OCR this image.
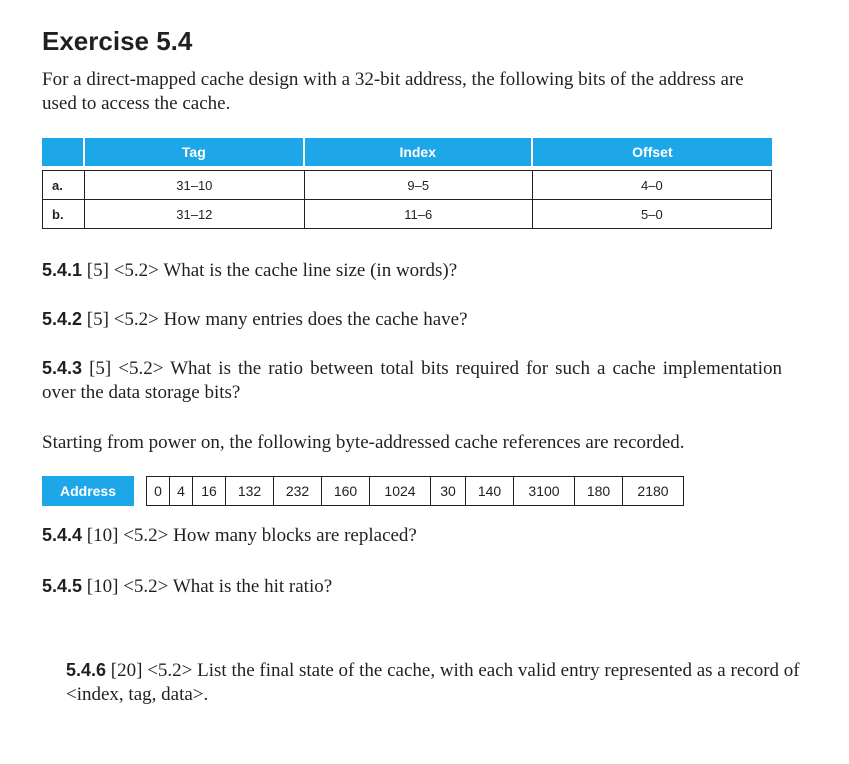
Exercise 5.4
For a direct-mapped cache design with a 32-bit address, the following bits of the address are used to access the cache.
	Tag	Index	Offset

a.	31–10	9–5	4–0
b.	31–12	11–6	5–0
5.4.1 [5] <5.2> What is the cache line size (in words)?
5.4.2 [5] <5.2> How many entries does the cache have?
5.4.3 [5] <5.2> What is the ratio between total bits required for such a cache implementation over the data storage bits?
Starting from power on, the following byte-addressed cache references are recorded.
Address	0	4	16	132	232	160	1024	30	140	3100	180	2180
5.4.4 [10] <5.2> How many blocks are replaced?
5.4.5 [10] <5.2> What is the hit ratio?
5.4.6 [20] <5.2> List the final state of the cache, with each valid entry represented as a record of <index, tag, data>.
